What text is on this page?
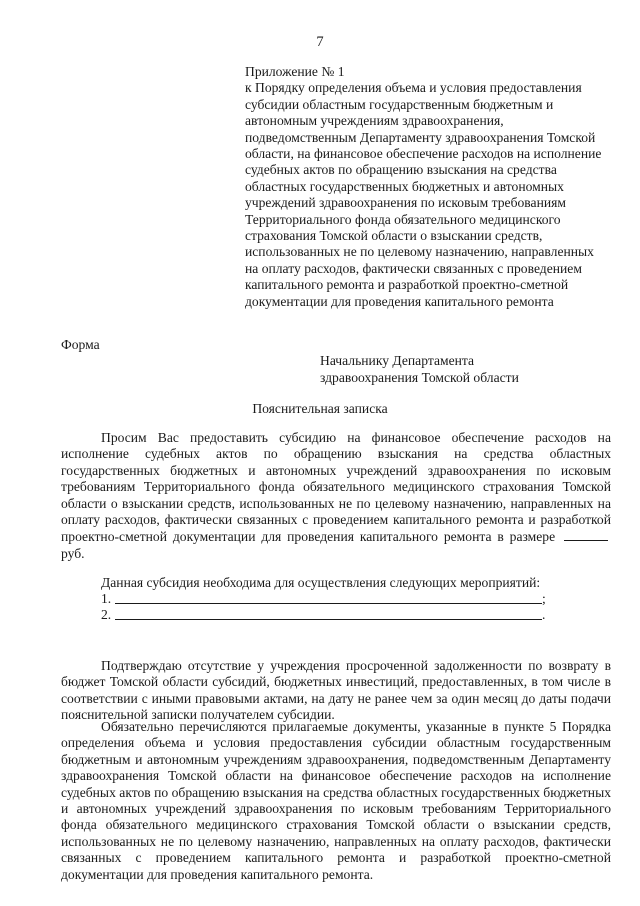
7

Приложение № 1

к Порядку определения объема и условия предоставления субсидии областным государственным бюджетным и автономным учреждениям здравоохранения, подведомственным Департаменту здравоохранения Томской области, на финансовое обеспечение расходов на исполнение судебных актов по обращению взыскания на средства областных государственных бюджетных и автономных учреждений здравоохранения по исковым требованиям Территориального фонда обязательного медицинского страхования Томской области о взыскании средств, использованных не по целевому назначению, направленных на оплату расходов, фактически связанных с проведением капитального ремонта и разработкой проектно-сметной документации для проведения капитального ремонта

Форма
Начальнику Департамента
здравоохранения Томской области
Пояснительная записка

Просим Вас предоставить субсидию на финансовое обеспечение расходов на исполнение судебных актов по обращению взыскания на средства областных государственных бюджетных и автономных учреждений здравоохранения по исковым требованиям Территориального фонда обязательного медицинского страхования Томской области о взыскании средств, использованных не по целевому назначению, направленных на оплату расходов, фактически связанных с проведением капитального ремонта и разработкой проектно-сметной документации для проведения капитального ремонта в размере  руб.

Данная субсидия необходима для осуществления следующих мероприятий:
1.	;
2.	.

Подтверждаю отсутствие у учреждения просроченной задолженности по возврату в бюджет Томской области субсидий, бюджетных инвестиций, предоставленных, в том числе в соответствии с иными правовыми актами, на дату не ранее чем за один месяц до даты подачи пояснительной записки получателем субсидии.

Обязательно перечисляются прилагаемые документы, указанные в пункте 5 Порядка определения объема и условия предоставления субсидии областным государственным бюджетным и автономным учреждениям здравоохранения, подведомственным Департаменту здравоохранения Томской области на финансовое обеспечение расходов на исполнение судебных актов по обращению взыскания на средства областных государственных бюджетных и автономных учреждений здравоохранения по исковым требованиям Территориального фонда обязательного медицинского страхования Томской области о взыскании средств, использованных не по целевому назначению, направленных на оплату расходов, фактически связанных с проведением капитального ремонта и разработкой проектно-сметной документации для проведения капитального ремонта.
